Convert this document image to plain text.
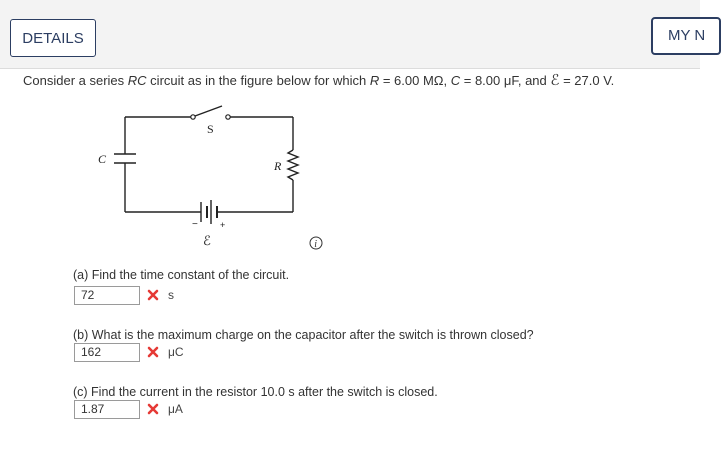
DETAILS	MY N
Consider a series RC circuit as in the figure below for which R = 6.00 MΩ, C = 8.00 μF, and ℰ = 27.0 V.
S
C	R
− +
ℰ	i
(a) Find the time constant of the circuit.
72	s
(b) What is the maximum charge on the capacitor after the switch is thrown closed?
162	μC
(c) Find the current in the resistor 10.0 s after the switch is closed.
1.87	μA
